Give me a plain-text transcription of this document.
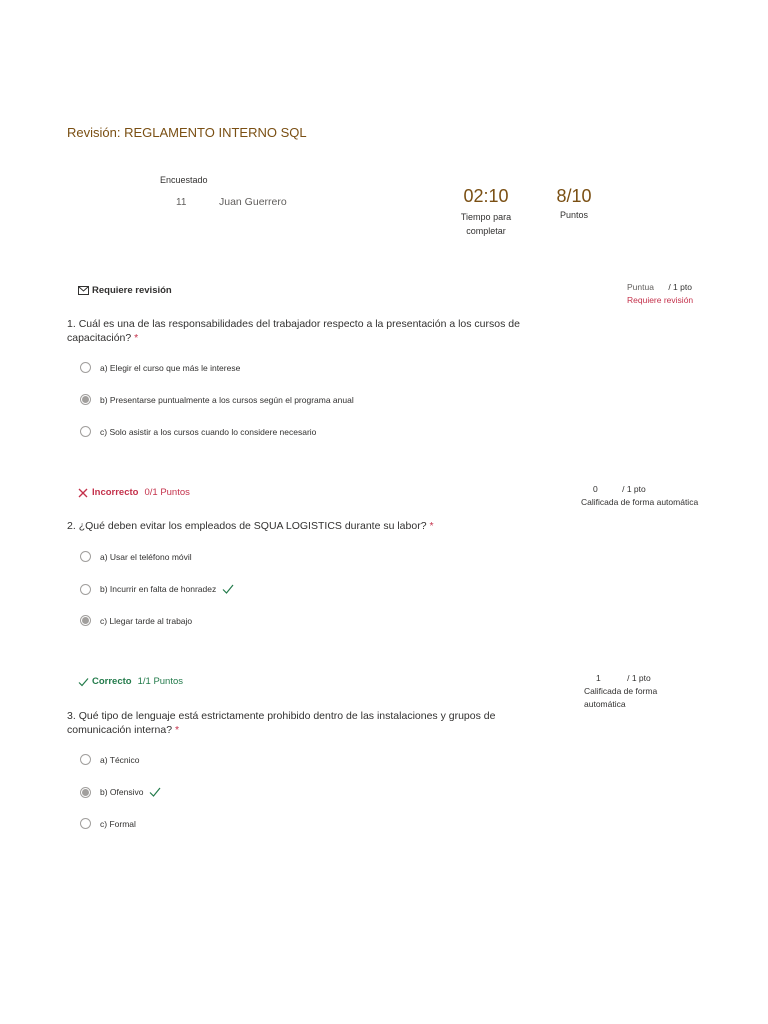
Revisión: REGLAMENTO INTERNO SQL
Encuestado
11	Juan Guerrero	02:10
Tiempo para
completar
8/10
Puntos
Requiere revisión	Puntua / 1 pto
Requiere revisión
1. Cuál es una de las responsabilidades del trabajador respecto a la presentación a los cursos de capacitación? *
a) Elegir el curso que más le interese
b) Presentarse puntualmente a los cursos según el programa anual
c) Solo asistir a los cursos cuando lo considere necesario
Incorrecto 0/1 Puntos	0	/ 1 pto
Calificada de forma automática
2. ¿Qué deben evitar los empleados de SQUA LOGISTICS durante su labor? *
a) Usar el teléfono móvil
b) Incurrir en falta de honradez
c) Llegar tarde al trabajo
Correcto 1/1 Puntos	1	/ 1 pto
Calificada de forma
automática
3. Qué tipo de lenguaje está estrictamente prohibido dentro de las instalaciones y grupos de comunicación interna? *
a) Técnico
b) Ofensivo
c) Formal
